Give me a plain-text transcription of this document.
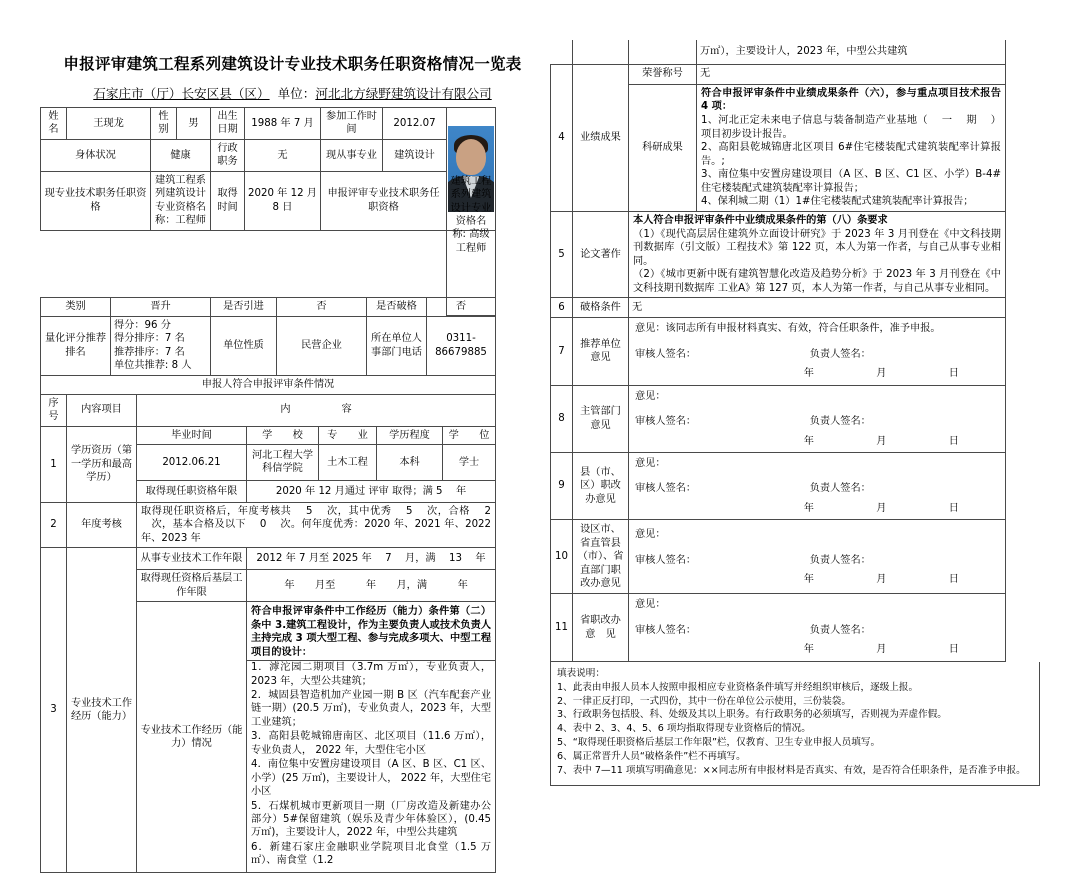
申报评审建筑工程系列建筑设计专业技术职务任职资格情况一览表
石家庄市（厅）长安区县（区） 单位：河北北方绿野建筑设计有限公司
姓名	王现龙	性别	男	出生日期	1988 年 7 月	参加工作时间	2012.07	

身体状况		健康		行政职务	无	现从事专业	建筑设计	
现专业技术职务任职资格		建筑工程系列建筑设计专业资格名称：工程师		取得时间	2020 年 12 月 8 日	申报评审专业技术职务任职资格		
								建筑工程系列建筑设计专业资格名称: 高级工程师
类别	晋升	是否引进	否	是否破格	否
量化评分推荐排名	得分：96 分
得分排序：7 名
推荐排序：7 名
单位共推荐: 8 人	单位性质	民营企业	所在单位人事部门电话	0311-86679885
申报人符合申报评审条件情况					
序号	内容项目	内　　　　　容				
1	学历资历（第一学历和最高学历）	毕业时间	学　　校	专　　业	学历程度	学　　位
		2012.06.21	河北工程大学科信学院	土木工程	本科	学士
		取得现任职资格年限	2020 年 12 月通过 评审 取得；满 5 　年			
2	年度考核	取得现任职资格后，年度考核共 　5 　次，其中优秀 　5 　次，合格 　2 　次，基本合格及以下 　0 　次。何年度优秀：2020 年、2021 年、2022 年、2023 年				
3	专业技术工作经历（能力）	从事专业技术工作年限	2012 年 7 月至 2025 年 　7 　月，满 　13 　年			
		取得现任资格后基层工作年限	　年　　月至　　　年　　月，满　　　年			
		专业技术工作经历（能力）情况	符合申报评审条件中工作经历（能力）条件第（二）条中 3.建筑工程设计，作为主要负责人或技术负责人主持完成 3 项大型工程、参与完成多项大、中型工程项目的设计：			

1．滹沱园二期项目（3.7m 万㎡），专业负责人，2023 年，大型公共建筑；

2．城固县智造机加产业园一期 B 区（汽车配套产业链一期）(20.5 万㎡)，专业负责人，2023 年，大型工业建筑；

3．高阳县乾城锦唐南区、北区项目（11.6 万㎡），专业负责人， 2022 年，大型住宅小区

4．南位集中安置房建设项目（A 区、B 区、C1 区、小学）(25 万㎡)，主要设计人， 2022 年，大型住宅小区

5．石煤机城市更新项目一期（厂房改造及新建办公部分）5#保留建筑（娱乐及青少年体验区），(0.45 万㎡)，主要设计人，2022 年，中型公共建筑

6．新建石家庄金融职业学院项目北食堂（1.5 万㎡）、南食堂（1.2

			万㎡），主要设计人，2023 年，中型公共建筑
4	业绩成果	荣誉称号	无
		科研成果	符合申报评审条件中业绩成果条件（六），参与重点项目技术报告 4 项：

1、河北正定未来电子信息与装备制造产业基地（ 　一 　期 　）项目初步设计报告。

2、高阳县乾城锦唐北区项目 6#住宅楼装配式建筑装配率计算报告。;

3、南位集中安置房建设项目（A 区、B 区、C1 区、小学）B-4#住宅楼装配式建筑装配率计算报告；

4、保利城二期（1）1#住宅楼装配式建筑装配率计算报告；

5	论文著作	本人符合申报评审条件中业绩成果条件的第（八）条要求

（1）《现代高层居住建筑外立面设计研究》于 2023 年 3 月刊登在《中文科技期刊数据库（引文版）工程技术》第 122 页，本人为第一作者，与自己从事专业相同。

（2）《城市更新中既有建筑智慧化改造及趋势分析》于 2023 年 3 月刊登在《中文科技期刊数据库 工业A》第 127 页，本人为第一作者，与自己从事专业相同。	

6	破格条件	无	
7	推荐单位意见	意见：该同志所有申报材料真实、有效，符合任职条件，准予申报。
审核人签名： 负责人签名：
年　　月　　日	

8	主管部门意见	意见：
审核人签名： 负责人签名：
年　　月　　日	

9	县（市、区）职改办意见	意见：
审核人签名： 负责人签名：
年　　月　　日	

10	设区市、省直管县（市）、省直部门职改办意见	意见：
审核人签名： 负责人签名：
年　　月　　日	

11	省职改办意　见	意见：
审核人签名： 负责人签名：
年　　月　　日	
填表说明：
1、此表由申报人员本人按照申报相应专业资格条件填写并经组织审核后，逐级上报。
2、一律正反打印，一式四份，其中一份在单位公示使用，三份装袋。
3、行政职务包括股、科、处级及其以上职务。有行政职务的必须填写，否则视为弄虚作假。
4、表中 2、3、4、5、6 项均指取得现专业资格后的情况。
5、“取得现任职资格后基层工作年限”栏，仅教育、卫生专业申报人员填写。
6、属正常晋升人员“破格条件”栏不再填写。
7、表中 7—11 项填写明确意见：××同志所有申报材料是否真实、有效，是否符合任职条件，是否准予申报。
